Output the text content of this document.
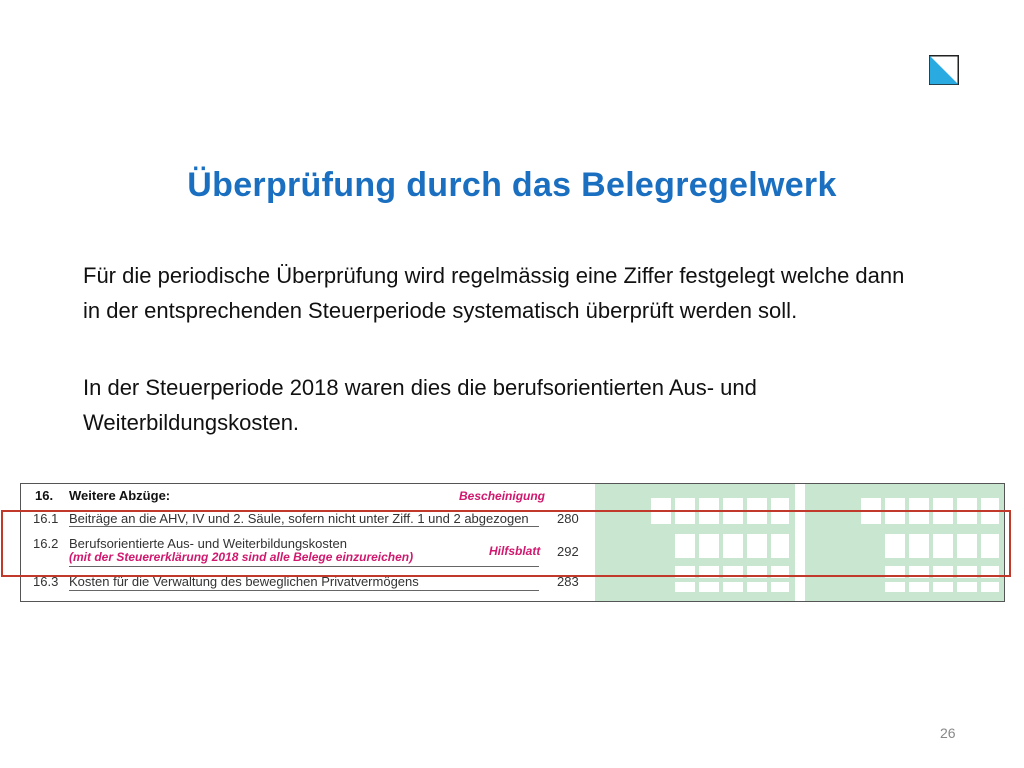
Überprüfung durch das Belegregelwerk

Für die periodische Überprüfung wird regelmässig eine Ziffer festgelegt welche dann in der entsprechenden Steuerperiode systematisch überprüft werden soll.

In der Steuerperiode 2018 waren dies die berufsorientierten Aus- und Weiterbildungskosten.

16. Weitere Abzüge:	Bescheinigung
16.1 Beiträge an die AHV, IV und 2. Säule, sofern nicht unter Ziff. 1 und 2 abgezogen 280
16.2 Berufsorientierte Aus- und Weiterbildungskosten
(mit der Steuererklärung 2018 sind alle Belege einzureichen)	Hilfsblatt 292
16.3 Kosten für die Verwaltung des beweglichen Privatvermögens	283
26
